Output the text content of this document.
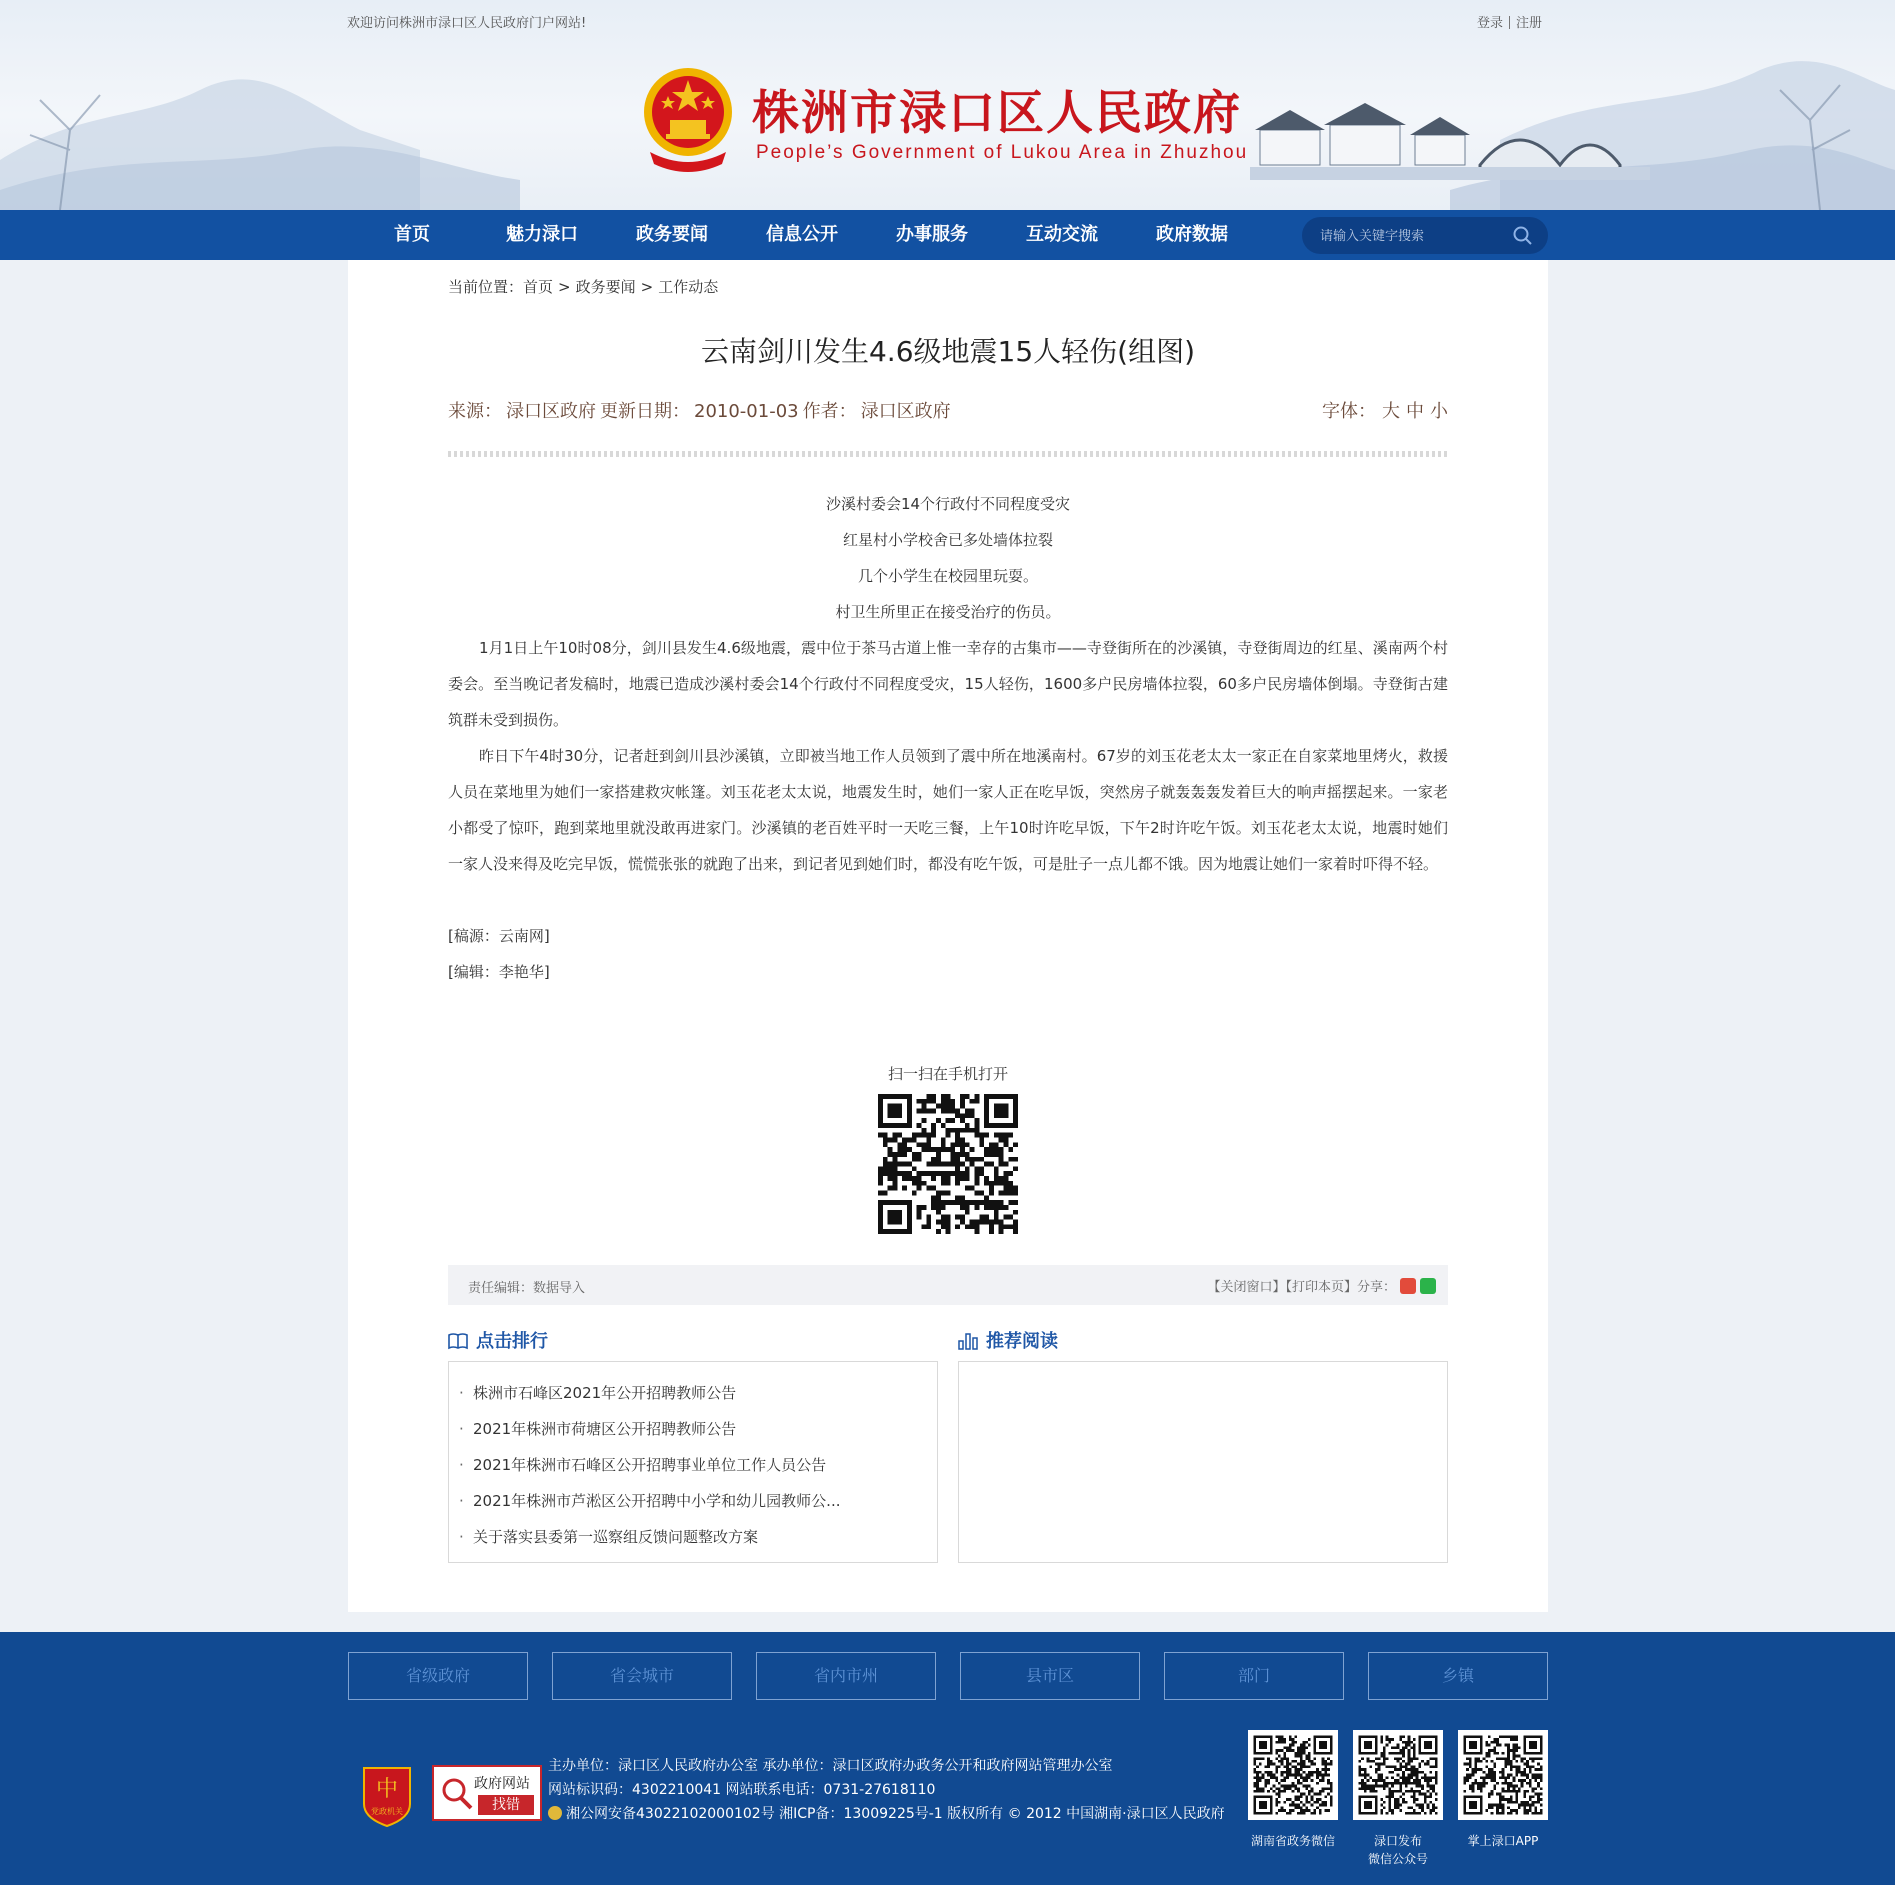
欢迎访问株洲市渌口区人民政府门户网站!	登录 注册
株洲市渌口区人民政府
People’s Government of Lukou Area in Zhuzhou
首页	魅力渌口	政务要闻	信息公开	办事服务	互动交流	政府数据
请输入关键字搜索
当前位置：首页 > 政务要闻 > 工作动态
云南剑川发生4.6级地震15人轻伤(组图)
来源： 渌口区政府 更新日期： 2010-01-03 作者： 渌口区政府	字体： 大 中 小
沙溪村委会14个行政付不同程度受灾
红星村小学校舍已多处墙体拉裂
几个小学生在校园里玩耍。
村卫生所里正在接受治疗的伤员。
1月1日上午10时08分，剑川县发生4.6级地震，震中位于茶马古道上惟一幸存的古集市——寺登街所在的沙溪镇，寺登街周边的红星、溪南两个村委会。至当晚记者发稿时，地震已造成沙溪村委会14个行政付不同程度受灾，15人轻伤，1600多户民房墙体拉裂，60多户民房墙体倒塌。寺登街古建筑群未受到损伤。
昨日下午4时30分，记者赶到剑川县沙溪镇，立即被当地工作人员领到了震中所在地溪南村。67岁的刘玉花老太太一家正在自家菜地里烤火，救援人员在菜地里为她们一家搭建救灾帐篷。刘玉花老太太说，地震发生时，她们一家人正在吃早饭，突然房子就轰轰轰发着巨大的响声摇摆起来。一家老小都受了惊吓，跑到菜地里就没敢再进家门。沙溪镇的老百姓平时一天吃三餐，上午10时许吃早饭，下午2时许吃午饭。刘玉花老太太说，地震时她们一家人没来得及吃完早饭，慌慌张张的就跑了出来，到记者见到她们时，都没有吃午饭，可是肚子一点儿都不饿。因为地震让她们一家着时吓得不轻。
[稿源：云南网]
[编辑：李艳华]
扫一扫在手机打开
责任编辑：数据导入	【关闭窗口】【打印本页】分享：
点击排行	推荐阅读
· 株洲市石峰区2021年公开招聘教师公告
· 2021年株洲市荷塘区公开招聘教师公告
· 2021年株洲市石峰区公开招聘事业单位工作人员公告
· 2021年株洲市芦淞区公开招聘中小学和幼儿园教师公...
· 关于落实县委第一巡察组反馈问题整改方案
省级政府	省会城市	省内市州	县市区	部门	乡镇
中
党政机关
政府网站
找错
主办单位：渌口区人民政府办公室 承办单位：渌口区政府办政务公开和政府网站管理办公室
网站标识码：4302210041 网站联系电话：0731-27618110
湘公网安备43022102000102号 湘ICP备：13009225号-1 版权所有 © 2012 中国湖南·渌口区人民政府
湖南省政务微信	渌口发布
微信公众号
掌上渌口APP
